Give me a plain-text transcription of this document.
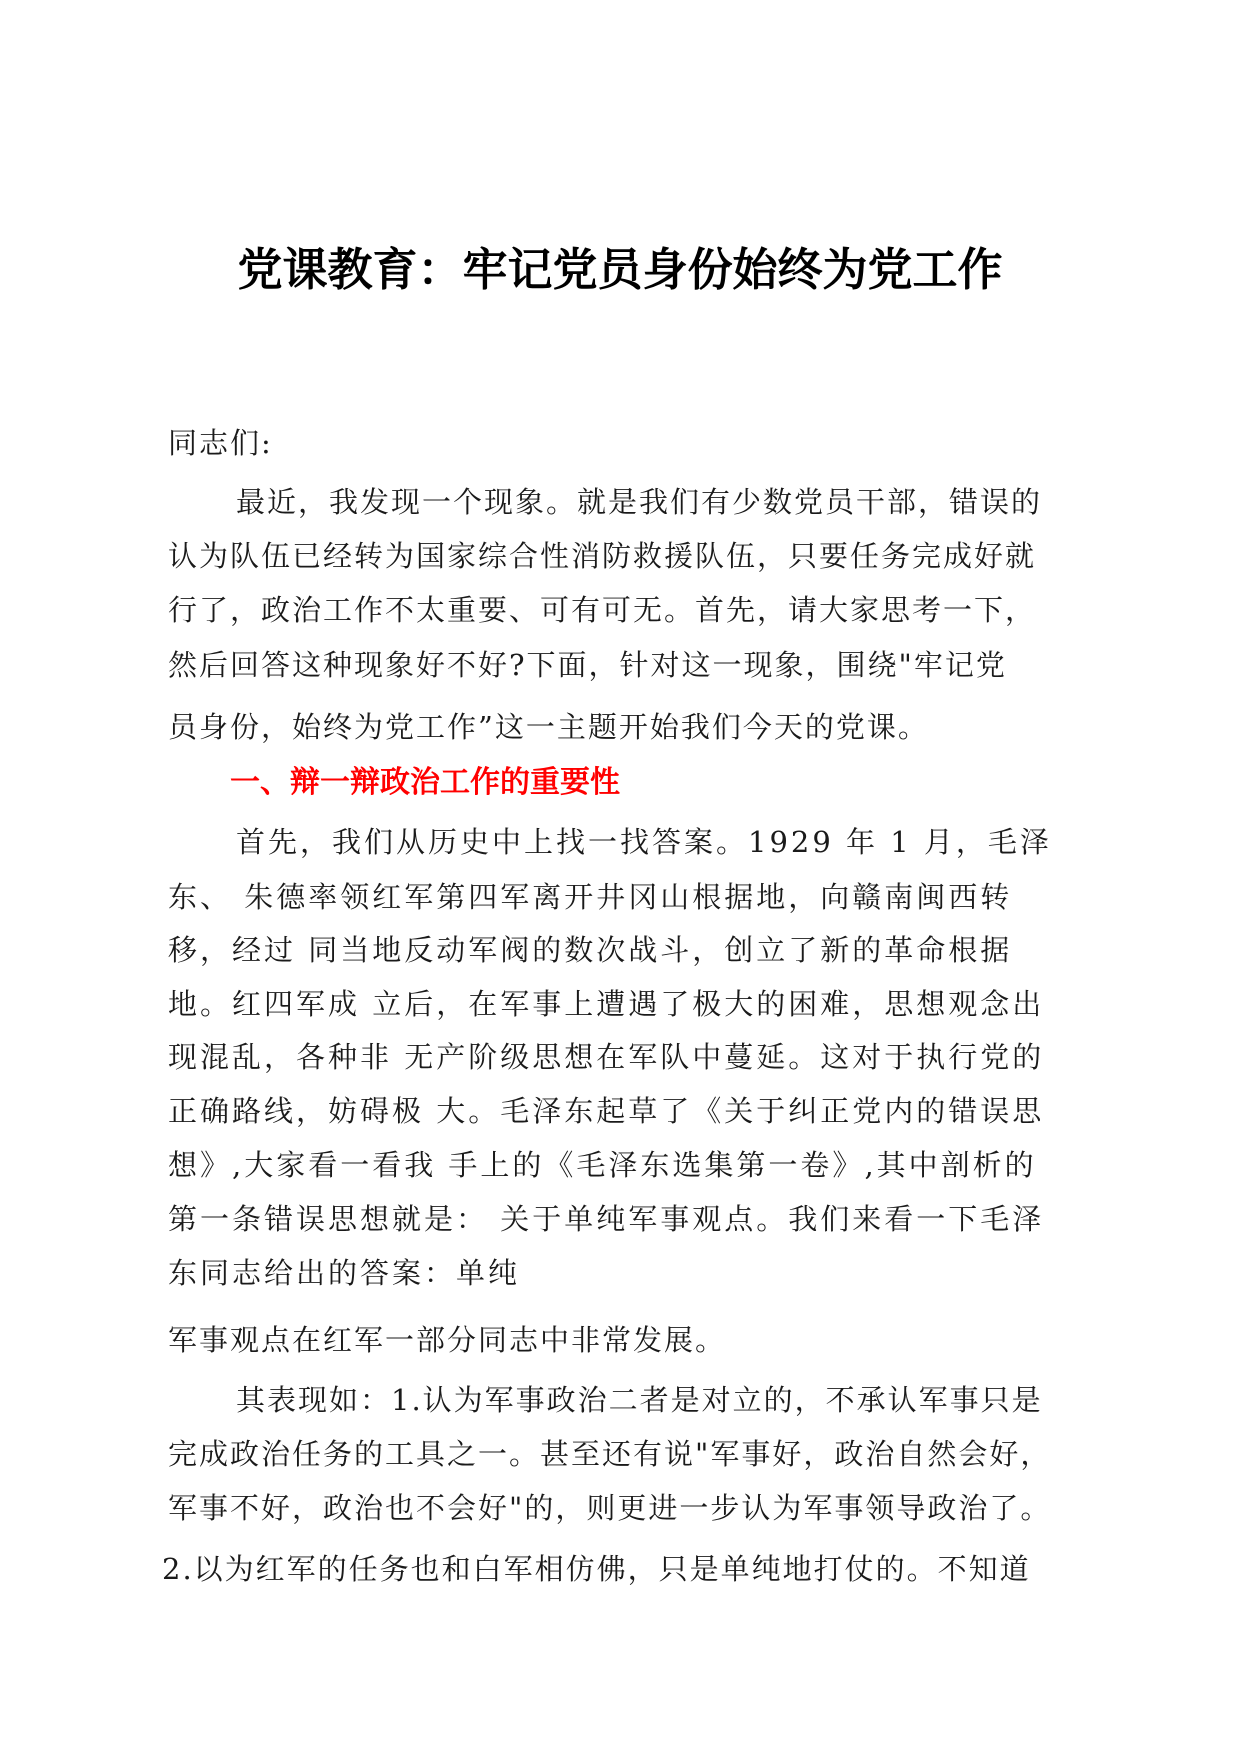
党课教育：牢记党员身份始终为党工作
同志们:
最近，我发现一个现象。就是我们有少数党员干部，错误的
认为队伍已经转为国家综合性消防救援队伍，只要任务完成好就
行了，政治工作不太重要、可有可无。首先，请大家思考一下，
然后回答这种现象好不好?下面，针对这一现象，围绕"牢记党
员身份，始终为党工作”这一主题开始我们今天的党课。
一、辩一辩政治工作的重要性
首先，我们从历史中上找一找答案。1929 年 1 月，毛泽
东、 朱德率领红军第四军离开井冈山根据地，向赣南闽西转
移，经过 同当地反动军阀的数次战斗，创立了新的革命根据
地。红四军成 立后，在军事上遭遇了极大的困难，思想观念出
现混乱，各种非 无产阶级思想在军队中蔓延。这对于执行党的
正确路线，妨碍极 大。毛泽东起草了《关于纠正党内的错误思
想》,大家看一看我 手上的《毛泽东选集第一卷》,其中剖析的
第一条错误思想就是： 关于单纯军事观点。我们来看一下毛泽
东同志给出的答案：单纯
军事观点在红军一部分同志中非常发展。
其表现如：1.认为军事政治二者是对立的，不承认军事只是
完成政治任务的工具之一。甚至还有说"军事好，政治自然会好，
军事不好，政治也不会好"的，则更进一步认为军事领导政治了。
2.以为红军的任务也和白军相仿佛，只是单纯地打仗的。不知道
